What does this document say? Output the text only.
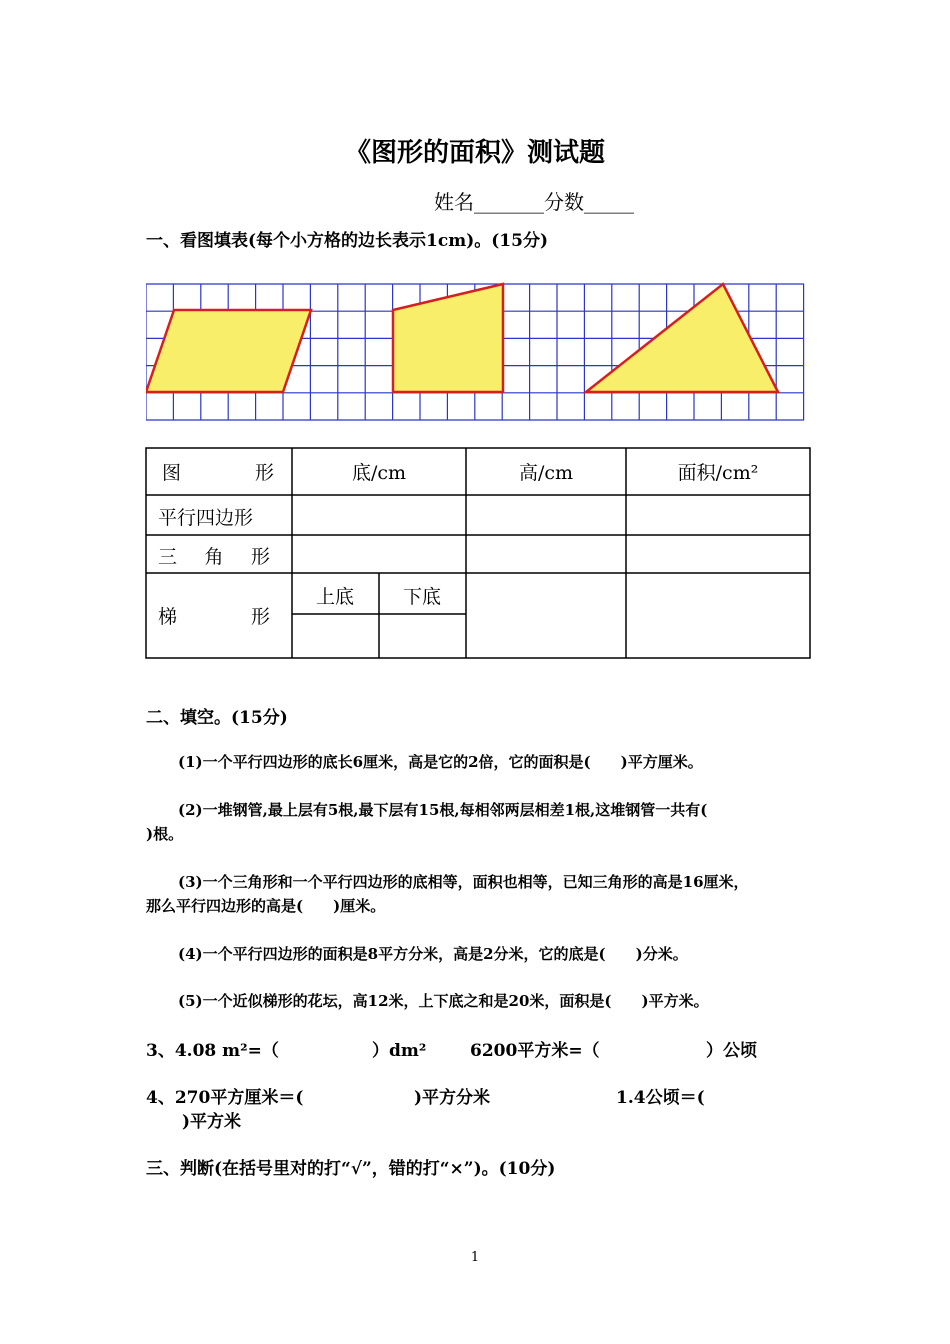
《图形的面积》测试题
姓名_______分数_____
一、看图填表(每个小方格的边长表示1cm)。(15分)
图 形	底/cm	高/cm	面积/cm²
平行四边形
三 角 形
梯 形
上底	下底
二、填空。(15分)
(1)一个平行四边形的底长6厘米，高是它的2倍，它的面积是(　　)平方厘米。
(2)一堆钢管,最上层有5根,最下层有15根,每相邻两层相差1根,这堆钢管一共有(
)根。
(3)一个三角形和一个平行四边形的底相等，面积也相等，已知三角形的高是16厘米，
那么平行四边形的高是(　　)厘米。
(4)一个平行四边形的面积是8平方分米，高是2分米，它的底是(　　)分米。
(5)一个近似梯形的花坛，高12米，上下底之和是20米，面积是(　　)平方米。
3、4.08 m²=（	）dm²	6200平方米=（	）公顷
4、270平方厘米＝(	)平方分米	1.4公顷＝(
)平方米
三、判断(在括号里对的打“√”，错的打“×”)。(10分)
1
